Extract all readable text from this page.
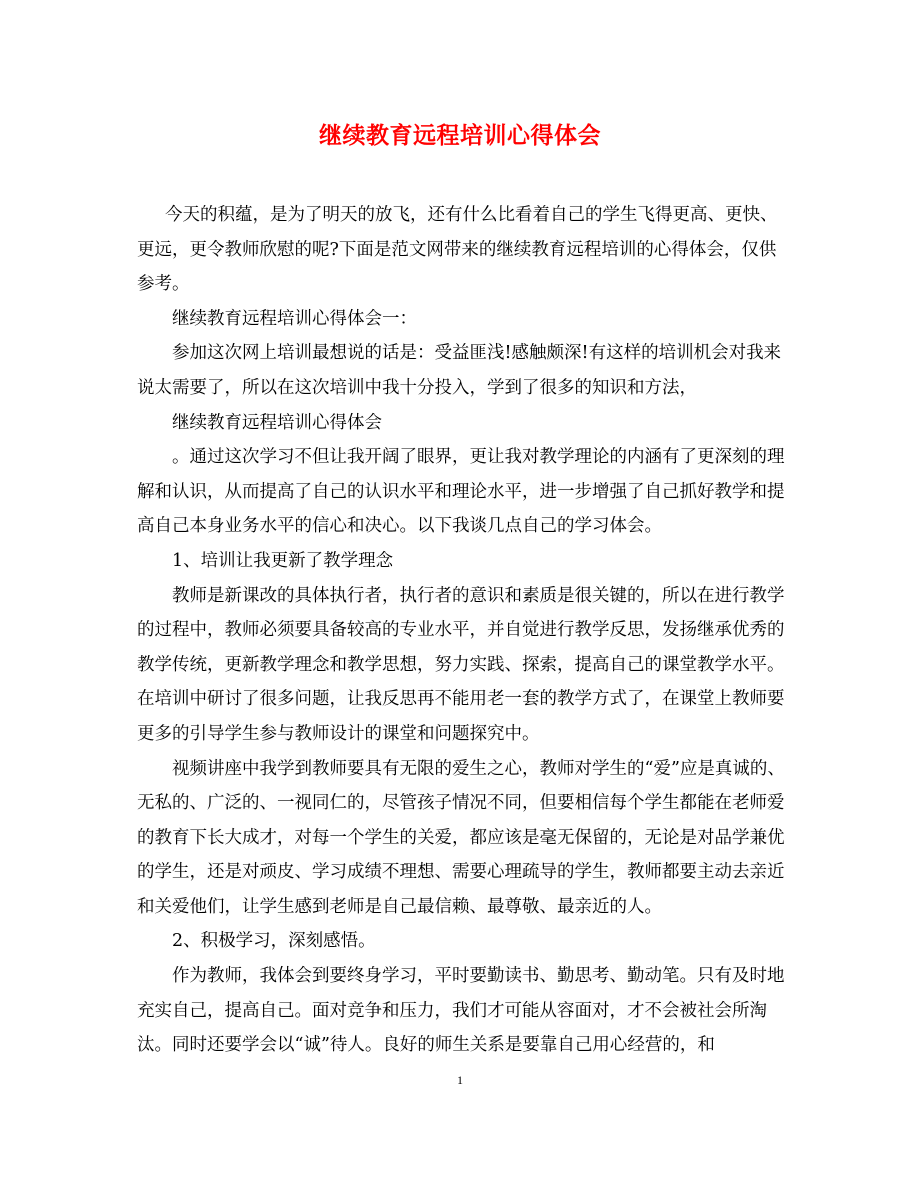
继续教育远程培训心得体会

今天的积蕴，是为了明天的放飞，还有什么比看着自己的学生飞得更高、更快、更远，更令教师欣慰的呢?下面是范文网带来的继续教育远程培训的心得体会，仅供参考。

继续教育远程培训心得体会一：

参加这次网上培训最想说的话是：受益匪浅!感触颇深!有这样的培训机会对我来说太需要了，所以在这次培训中我十分投入，学到了很多的知识和方法，

继续教育远程培训心得体会

。通过这次学习不但让我开阔了眼界，更让我对教学理论的内涵有了更深刻的理解和认识，从而提高了自己的认识水平和理论水平，进一步增强了自己抓好教学和提高自己本身业务水平的信心和决心。以下我谈几点自己的学习体会。

1、培训让我更新了教学理念

教师是新课改的具体执行者，执行者的意识和素质是很关键的，所以在进行教学的过程中，教师必须要具备较高的专业水平，并自觉进行教学反思，发扬继承优秀的教学传统，更新教学理念和教学思想，努力实践、探索，提高自己的课堂教学水平。在培训中研讨了很多问题，让我反思再不能用老一套的教学方式了，在课堂上教师要更多的引导学生参与教师设计的课堂和问题探究中。

视频讲座中我学到教师要具有无限的爱生之心，教师对学生的“爱”应是真诚的、无私的、广泛的、一视同仁的，尽管孩子情况不同，但要相信每个学生都能在老师爱的教育下长大成才，对每一个学生的关爱，都应该是毫无保留的，无论是对品学兼优的学生，还是对顽皮、学习成绩不理想、需要心理疏导的学生，教师都要主动去亲近和关爱他们，让学生感到老师是自己最信赖、最尊敬、最亲近的人。

2、积极学习，深刻感悟。

作为教师，我体会到要终身学习，平时要勤读书、勤思考、勤动笔。只有及时地充实自己，提高自己。面对竞争和压力，我们才可能从容面对，才不会被社会所淘汰。同时还要学会以“诚”待人。良好的师生关系是要靠自己用心经营的，和

1
